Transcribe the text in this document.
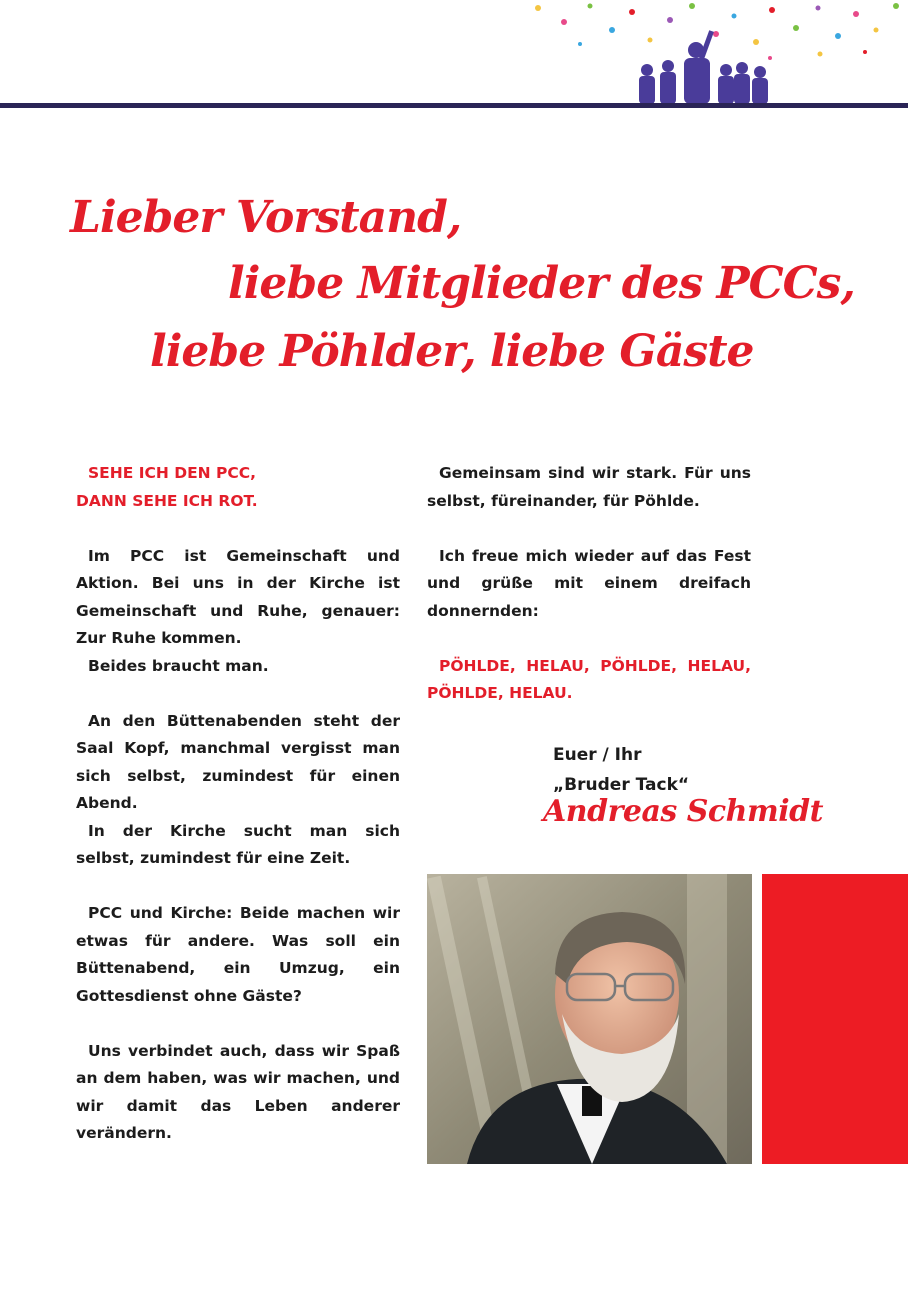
Lieber Vorstand,
liebe Mitglieder des PCCs,
liebe Pöhlder, liebe Gäste

SEHE ICH DEN PCC,
DANN SEHE ICH ROT.

Im PCC ist Gemeinschaft und Aktion. Bei uns in der Kirche ist Gemeinschaft und Ruhe, genauer: Zur Ruhe kommen.
Beides braucht man.

An den Büttenabenden steht der Saal Kopf, manchmal vergisst man sich selbst, zumindest für einen Abend.
In der Kirche sucht man sich selbst, zumindest für eine Zeit.

PCC und Kirche: Beide machen wir etwas für andere. Was soll ein Büttenabend, ein Umzug, ein Gottesdienst ohne Gäste?

Uns verbindet auch, dass wir Spaß an dem haben, was wir machen, und wir damit das Leben anderer verändern.

Gemeinsam sind wir stark. Für uns selbst, füreinander, für Pöhlde.

Ich freue mich wieder auf das Fest und grüße mit einem dreifach donnernden:

PÖHLDE, HELAU, PÖHLDE, HELAU, PÖHLDE, HELAU.

Euer / Ihr
„Bruder Tack“
Andreas Schmidt
